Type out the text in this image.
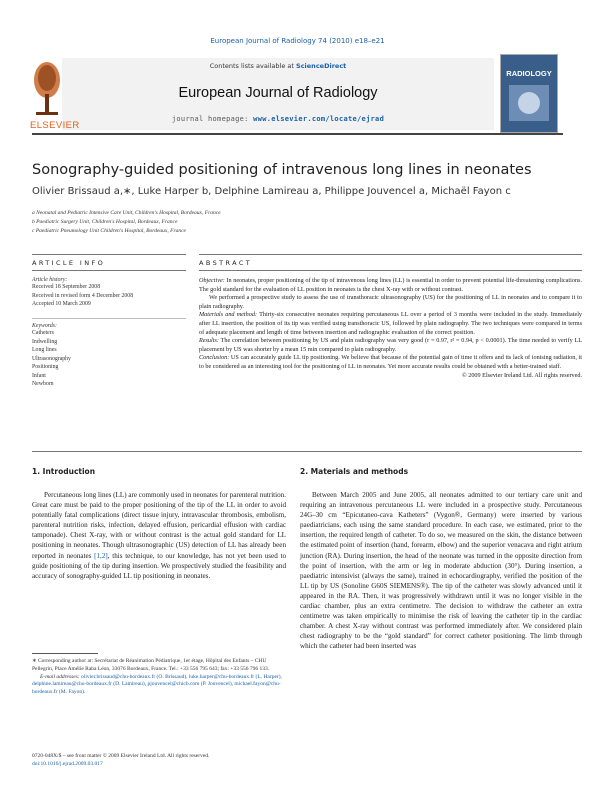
European Journal of Radiology 74 (2010) e18–e21
Contents lists available at ScienceDirect
European Journal of Radiology
journal homepage: www.elsevier.com/locate/ejrad
ELSEVIER
RADIOLOGY
Sonography-guided positioning of intravenous long lines in neonates
Olivier Brissaud a,∗, Luke Harper b, Delphine Lamireau a, Philippe Jouvencel a, Michaël Fayon c
a Neonatal and Pediatric Intensive Care Unit, Children's Hospital, Bordeaux, France
b Paediatric Surgery Unit, Children's Hospital, Bordeaux, France
c Paediatric Pneumology Unit Children's Hospital, Bordeaux, France
ARTICLE INFO
Article history:
Received 18 September 2008
Received in revised form 4 December 2008
Accepted 10 March 2009
Keywords:
Catheters
Indwelling
Long lines
Ultrasonography
Positioning
Infant
Newborn
ABSTRACT
Objective: In neonates, proper positioning of the tip of intravenous long lines (LL) is essential in order to prevent potential life-threatening complications. The gold standard for the evaluation of LL position in neonates is the chest X-ray with or without contrast.
We performed a prospective study to assess the use of transthoracic ultrasonography (US) for the positioning of LL in neonates and to compare it to plain radiography.
Materials and method: Thirty-six consecutive neonates requiring percutaneous LL over a period of 3 months were included in the study. Immediately after LL insertion, the position of its tip was verified using transthoracic US, followed by plain radiography. The two techniques were compared in terms of adequate placement and length of time between insertion and radiographic evaluation of the correct position.
Results: The correlation between positioning by US and plain radiography was very good (r = 0.97, r² = 0.94, p < 0.0001). The time needed to verify LL placement by US was shorter by a mean 15 min compared to plain radiography.
Conclusion: US can accurately guide LL tip positioning. We believe that because of the potential gain of time it offers and its lack of ionising radiation, it to be considered as an interesting tool for the positioning of LL in neonates. Yet more accurate results could be obtained with a better-trained staff.
© 2009 Elsevier Ireland Ltd. All rights reserved.
1. Introduction
Percutaneous long lines (LL) are commonly used in neonates for parenteral nutrition. Great care must be paid to the proper positioning of the tip of the LL in order to avoid potentially fatal complications (direct tissue injury, intravascular thrombosis, embolism, parenteral nutrition risks, infection, delayed effusion, pericardial effusion with cardiac tamponade). Chest X-ray, with or without contrast is the actual gold standard for LL positioning in neonates. Though ultrasonographic (US) detection of LL has already been reported in neonates [1,2], this technique, to our knowledge, has not yet been used to guide positioning of the tip during insertion. We prospectively studied the feasibility and accuracy of sonography-guided LL tip positioning in neonates.
∗ Corresponding author at: Secrétariat de Réanimation Pédiatrique, 1er étage, Hôpital des Enfants – CHU Pellegrin, Place Amélie Raba Léon, 33076 Bordeaux, France. Tel.: +33 556 795 643; fax: +33 556 796 133.
E-mail addresses: olivier.brissaud@chu-bordeaux.fr (O. Brissaud), luke.harper@chu-bordeaux.fr (L. Harper), delphine.lamireau@chu-bordeaux.fr (D. Lamireau), pjouvencel@chicb.com (P. Jouvencel), michael.fayon@chu-bordeaux.fr (M. Fayon).
0720-048X/$ – see front matter © 2009 Elsevier Ireland Ltd. All rights reserved.
doi:10.1016/j.ejrad.2009.03.017
2. Materials and methods
Between March 2005 and June 2005, all neonates admitted to our tertiary care unit and requiring an intravenous percutaneous LL were included in a prospective study. Percutaneous 24G–30 cm “Epicutaneo-cava Katheters” (Vygon®, Germany) were inserted by various paediatricians, each using the same standard procedure. In each case, we estimated, prior to the insertion, the required length of catheter. To do so, we measured on the skin, the distance between the estimated point of insertion (hand, forearm, elbow) and the superior venacava and right atrium junction (RA). During insertion, the head of the neonate was turned in the opposite direction from the point of insertion, with the arm or leg in moderate abduction (30°). During insertion, a paediatric intensivist (always the same), trained in echocardiography, verified the position of the LL tip by US (Sonoline G60S SIEMENS®). The tip of the catheter was slowly advanced until it appeared in the RA. Then, it was progressively withdrawn until it was no longer visible in the cardiac chamber, plus an extra centimetre. The decision to withdraw the catheter an extra centimetre was taken empirically to minimise the risk of leaving the catheter tip in the cardiac chamber. A chest X-ray without contrast was performed immediately after. We considered plain chest radiography to be the “gold standard” for correct catheter positioning. The limb through which the catheter had been inserted was
